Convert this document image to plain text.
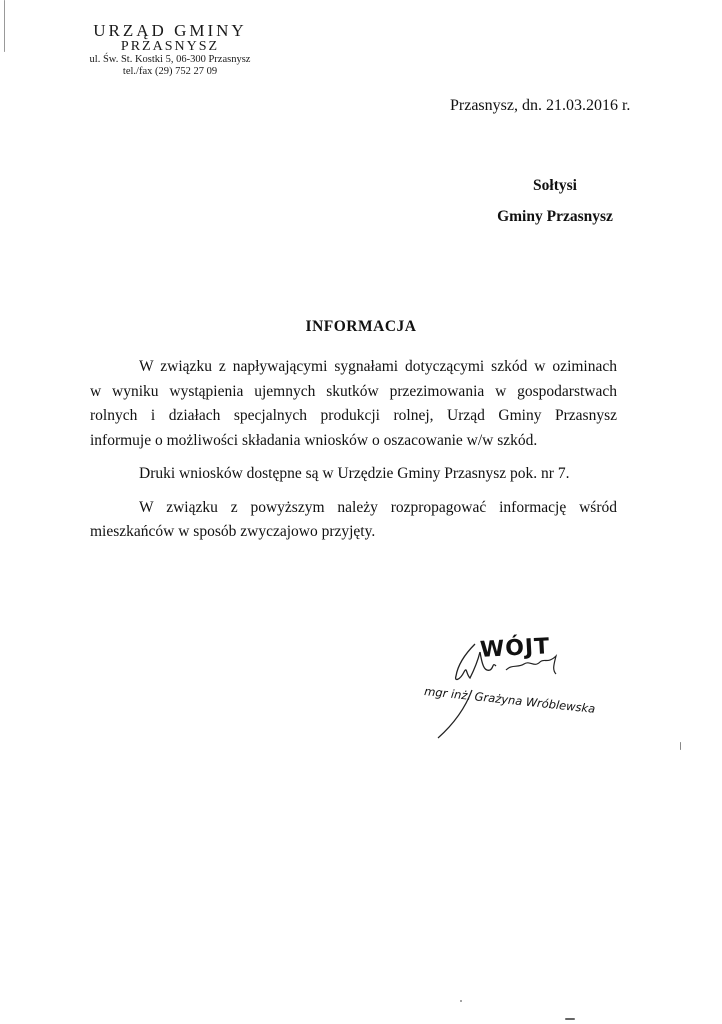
URZĄD GMINY
PRZASNYSZ
ul. Św. St. Kostki 5, 06-300 Przasnysz
tel./fax (29) 752 27 09
Przasnysz, dn. 21.03.2016 r.
Sołtysi
Gminy Przasnysz
INFORMACJA

W związku z napływającymi sygnałami dotyczącymi szkód w oziminach
w wyniku wystąpienia ujemnych skutków przezimowania w gospodarstwach
rolnych i działach specjalnych produkcji rolnej, Urząd Gminy Przasnysz
informuje o możliwości składania wniosków o oszacowanie w/w szkód.

Druki wniosków dostępne są w Urzędzie Gminy Przasnysz pok. nr 7.

W związku z powyższym należy rozpropagować informację wśród
mieszkańców w sposób zwyczajowo przyjęty.

WÓJT
mgr inż. Grażyna Wróblewska
